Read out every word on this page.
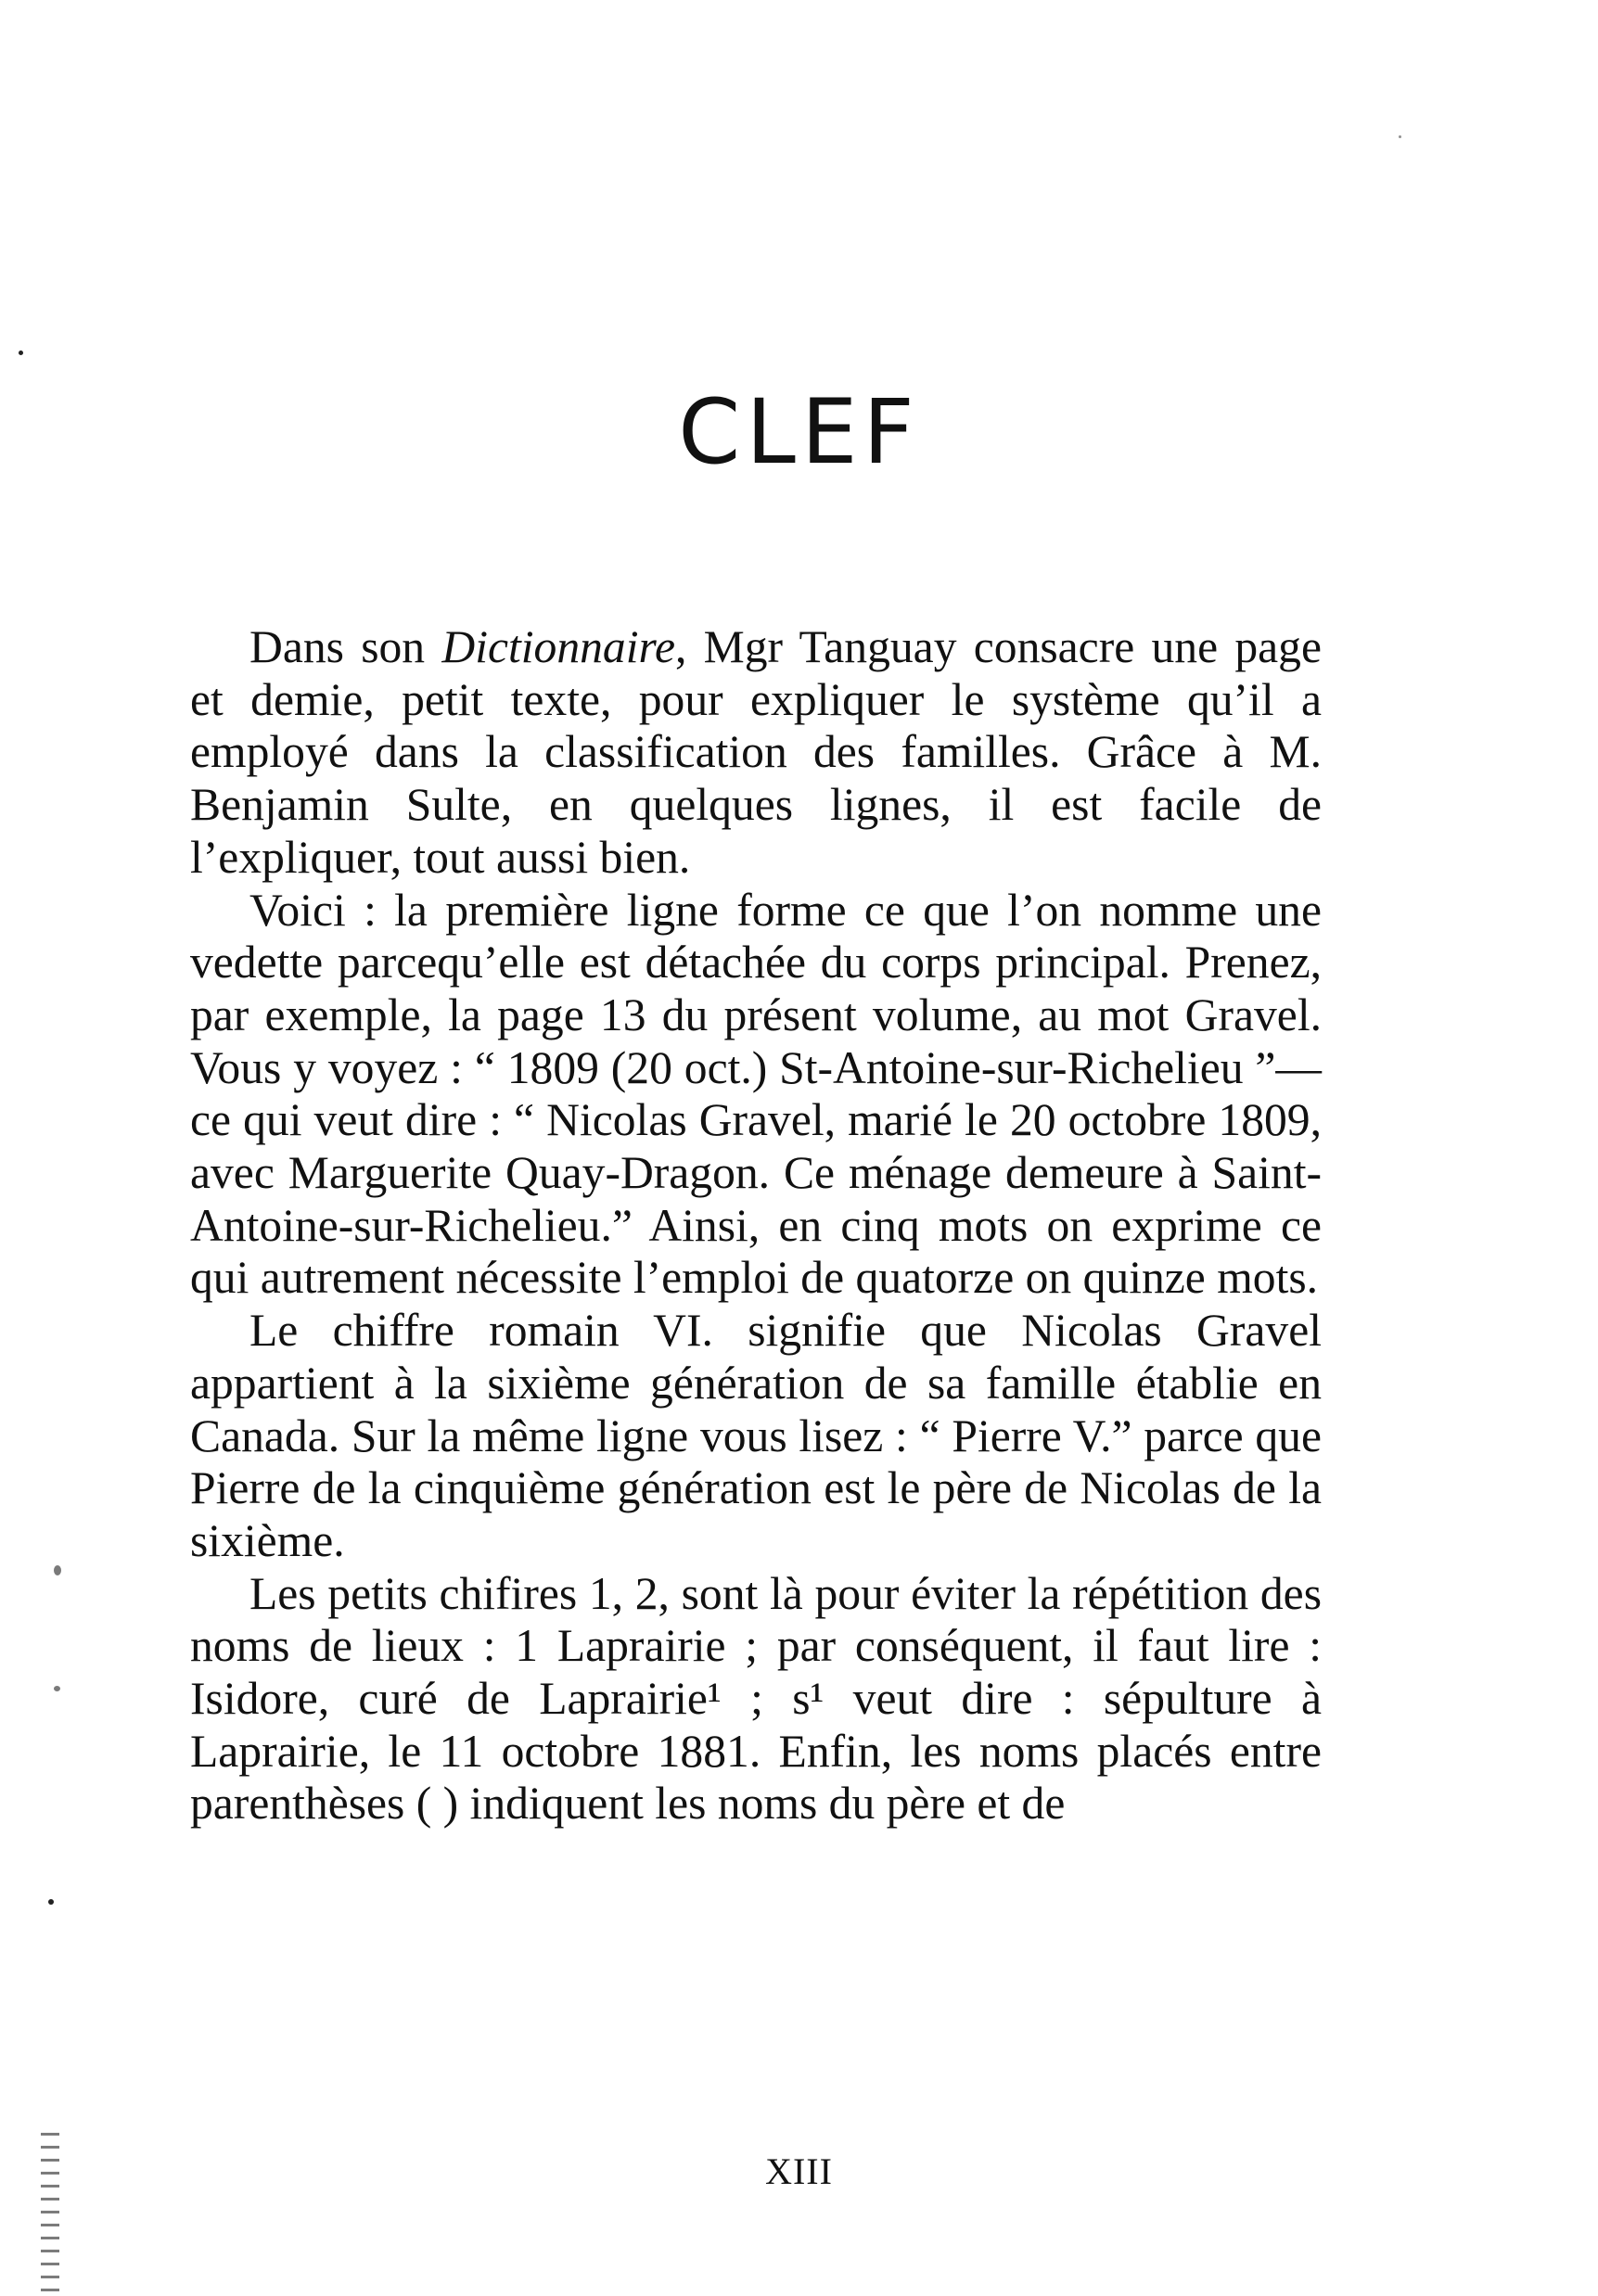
CLEF

Dans son Dictionnaire, Mgr Tanguay consacre une page et demie, petit texte, pour expliquer le système qu’il a employé dans la classification des familles. Grâce à M. Benjamin Sulte, en quelques lignes, il est facile de l’expliquer, tout aussi bien.

Voici : la première ligne forme ce que l’on nomme une vedette parcequ’elle est détachée du corps principal. Prenez, par exemple, la page 13 du présent volume, au mot Gravel. Vous y voyez : “ 1809 (20 oct.) St-Antoine-sur-Richelieu ”—ce qui veut dire : “ Nicolas Gravel, marié le 20 octobre 1809, avec Marguerite Quay-Dragon. Ce ménage demeure à Saint-Antoine-sur-Richelieu.” Ainsi, en cinq mots on exprime ce qui autrement nécessite l’emploi de quatorze on quinze mots.

Le chiffre romain VI. signifie que Nicolas Gravel appartient à la sixième génération de sa famille établie en Canada. Sur la même ligne vous lisez : “ Pierre V.” parce que Pierre de la cinquième génération est le père de Nicolas de la sixième.

Les petits chifires 1, 2, sont là pour éviter la répétition des noms de lieux : 1 Laprairie ; par conséquent, il faut lire : Isidore, curé de Laprairie¹ ; s¹ veut dire : sépulture à Laprairie, le 11 octobre 1881. Enfin, les noms placés entre parenthèses ( ) indiquent les noms du père et de

XIII
